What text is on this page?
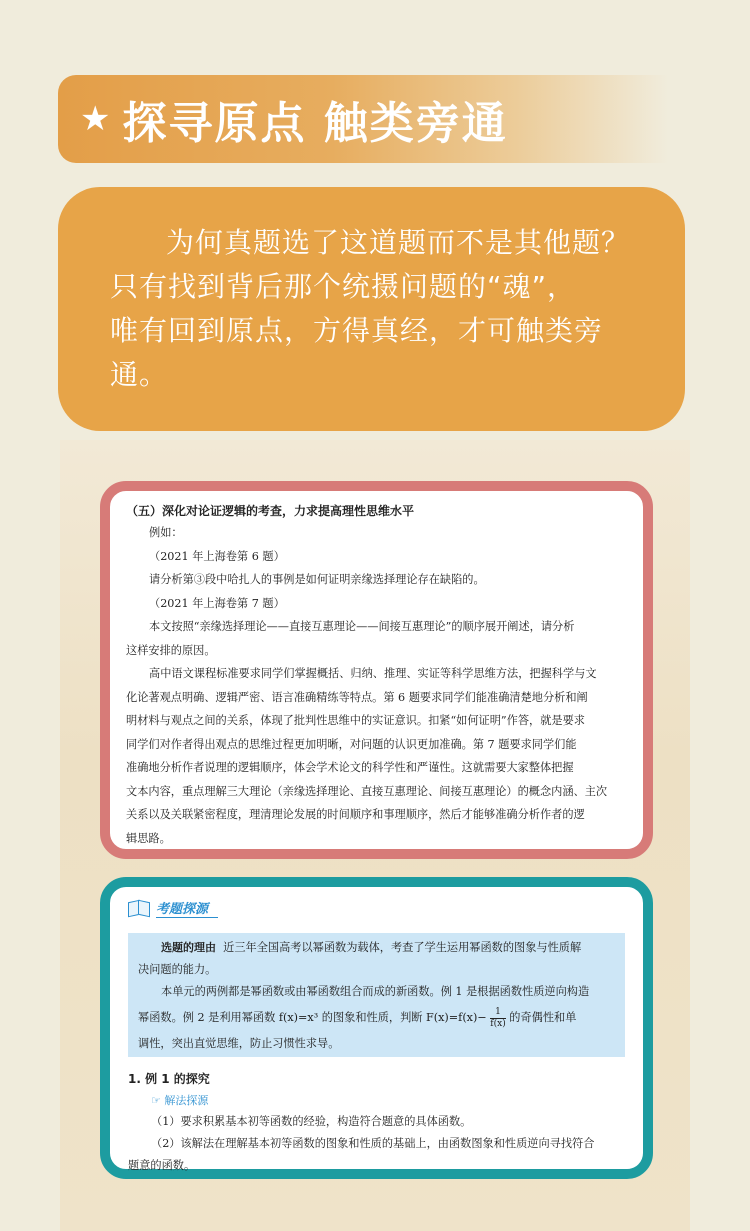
★ 探寻原点 触类旁通

为何真题选了这道题而不是其他题？

只有找到背后那个统摄问题的“魂”，

唯有回到原点，方得真经，才可触类旁

通。

（五）深化对论证逻辑的考查，力求提高理性思维水平
例如：
（2021 年上海卷第 6 题）
请分析第③段中哈扎人的事例是如何证明亲缘选择理论存在缺陷的。
（2021 年上海卷第 7 题）
本文按照“亲缘选择理论——直接互惠理论——间接互惠理论”的顺序展开阐述，请分析
这样安排的原因。
高中语文课程标准要求同学们掌握概括、归纳、推理、实证等科学思维方法，把握科学与文
化论著观点明确、逻辑严密、语言准确精练等特点。第 6 题要求同学们能准确清楚地分析和阐
明材料与观点之间的关系，体现了批判性思维中的实证意识。扣紧“如何证明”作答，就是要求
同学们对作者得出观点的思维过程更加明晰，对问题的认识更加准确。第 7 题要求同学们能
准确地分析作者说理的逻辑顺序，体会学术论文的科学性和严谨性。这就需要大家整体把握
文本内容，重点理解三大理论（亲缘选择理论、直接互惠理论、间接互惠理论）的概念内涵、主次
关系以及关联紧密程度，理清理论发展的时间顺序和事理顺序，然后才能够准确分析作者的逻
辑思路。
考题探源
选题的理由 近三年全国高考以幂函数为载体，考查了学生运用幂函数的图象与性质解
决问题的能力。
本单元的两例都是幂函数或由幂函数组合而成的新函数。例 1 是根据函数性质逆向构造
幂函数。例 2 是利用幂函数 f(x)=x³ 的图象和性质，判断 $F(x)=f(x)- \frac{1}{f(x)}$ 的奇偶性和单
调性，突出直觉思维，防止习惯性求导。
1. 例 1 的探究
☞ 解法探源
（1）要求积累基本初等函数的经验，构造符合题意的具体函数。
（2）该解法在理解基本初等函数的图象和性质的基础上，由函数图象和性质逆向寻找符合
题意的函数。
